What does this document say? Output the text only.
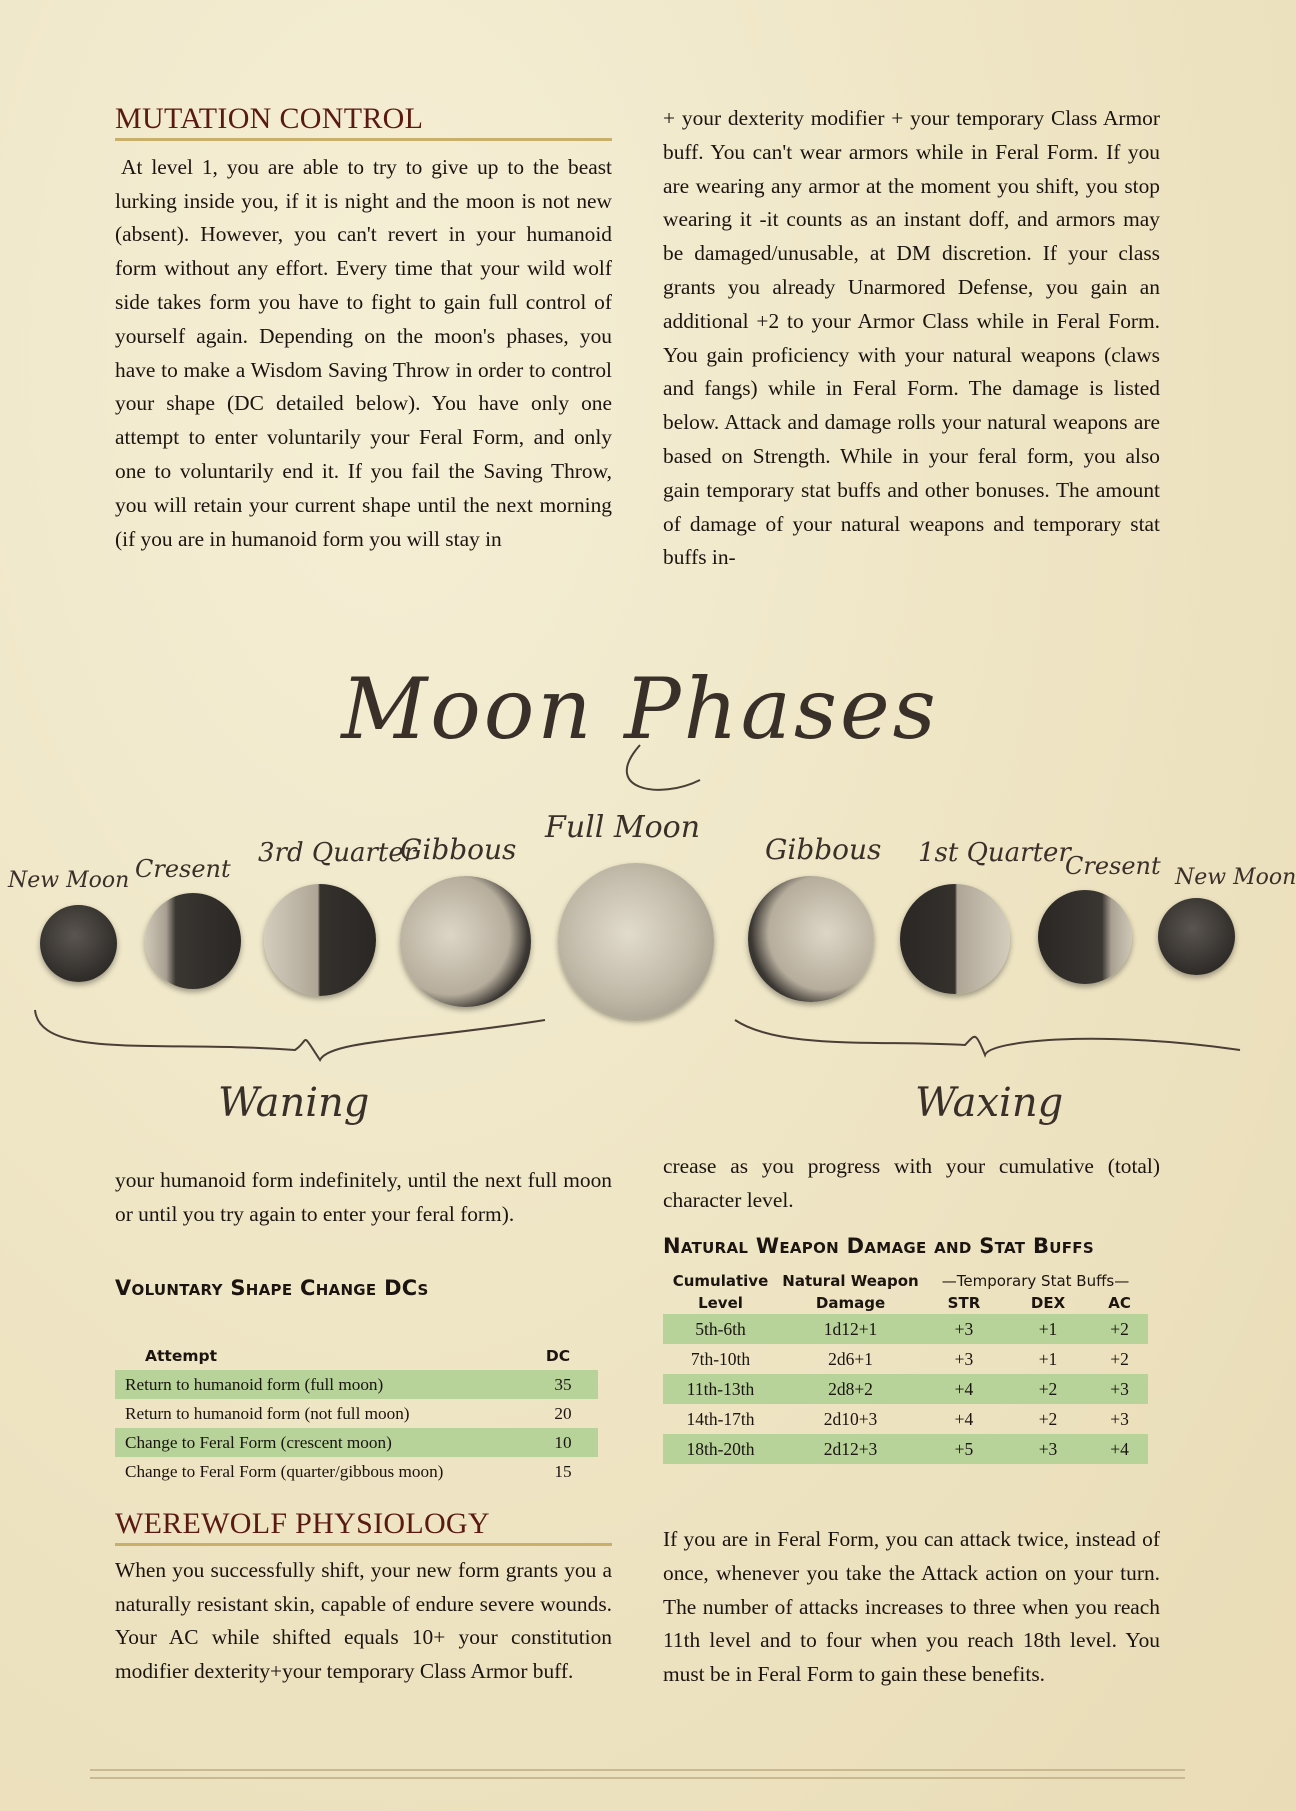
MUTATION CONTROL

At level 1, you are able to try to give up to the beast lurking inside you, if it is night and the moon is not new (absent). However, you can't revert in your humanoid form without any effort. Every time that your wild wolf side takes form you have to fight to gain full control of yourself again. Depending on the moon's phases, you have to make a Wisdom Saving Throw in order to control your shape (DC detailed below). You have only one attempt to enter voluntarily your Feral Form, and only one to voluntarily end it. If you fail the Saving Throw, you will retain your current shape until the next morning (if you are in humanoid form you will stay in

+ your dexterity modifier + your temporary Class Armor buff. You can't wear armors while in Feral Form. If you are wearing any armor at the moment you shift, you stop wearing it -it counts as an instant doff, and armors may be damaged/unusable, at DM discretion. If your class grants you already Unarmored Defense, you gain an additional +2 to your Armor Class while in Feral Form. You gain proficiency with your natural weapons (claws and fangs) while in Feral Form. The damage is listed below. Attack and damage rolls your natural weapons are based on Strength. While in your feral form, you also gain temporary stat buffs and other bonuses. The amount of damage of your natural weapons and temporary stat buffs in-

Moon Phases
New Moon Cresent
3rd Quarter
Gibbous
Full Moon
Gibbous 1st Quarter
Cresent New Moon
Waning	Waxing

your humanoid form indefinitely, until the next full moon or until you try again to enter your feral form).

Voluntary Shape Change DCs
Attempt	DC
Return to humanoid form (full moon)	35
Return to humanoid form (not full moon)	20
Change to Feral Form (crescent moon)	10
Change to Feral Form (quarter/gibbous moon)	15
WEREWOLF PHYSIOLOGY

When you successfully shift, your new form grants you a naturally resistant skin, capable of endure severe wounds. Your AC while shifted equals 10+ your constitution modifier dexterity+your temporary Class Armor buff.

crease as you progress with your cumulative (total) character level.

Natural Weapon Damage and Stat Buffs
Cumulative Level	Natural Weapon Damage	—Temporary Stat Buffs—		
		STR	DEX	AC
5th-6th	1d12+1	+3	+1	+2
7th-10th	2d6+1	+3	+1	+2
11th-13th	2d8+2	+4	+2	+3
14th-17th	2d10+3	+4	+2	+3
18th-20th	2d12+3	+5	+3	+4

If you are in Feral Form, you can attack twice, instead of once, whenever you take the Attack action on your turn. The number of attacks increases to three when you reach 11th level and to four when you reach 18th level. You must be in Feral Form to gain these benefits.
